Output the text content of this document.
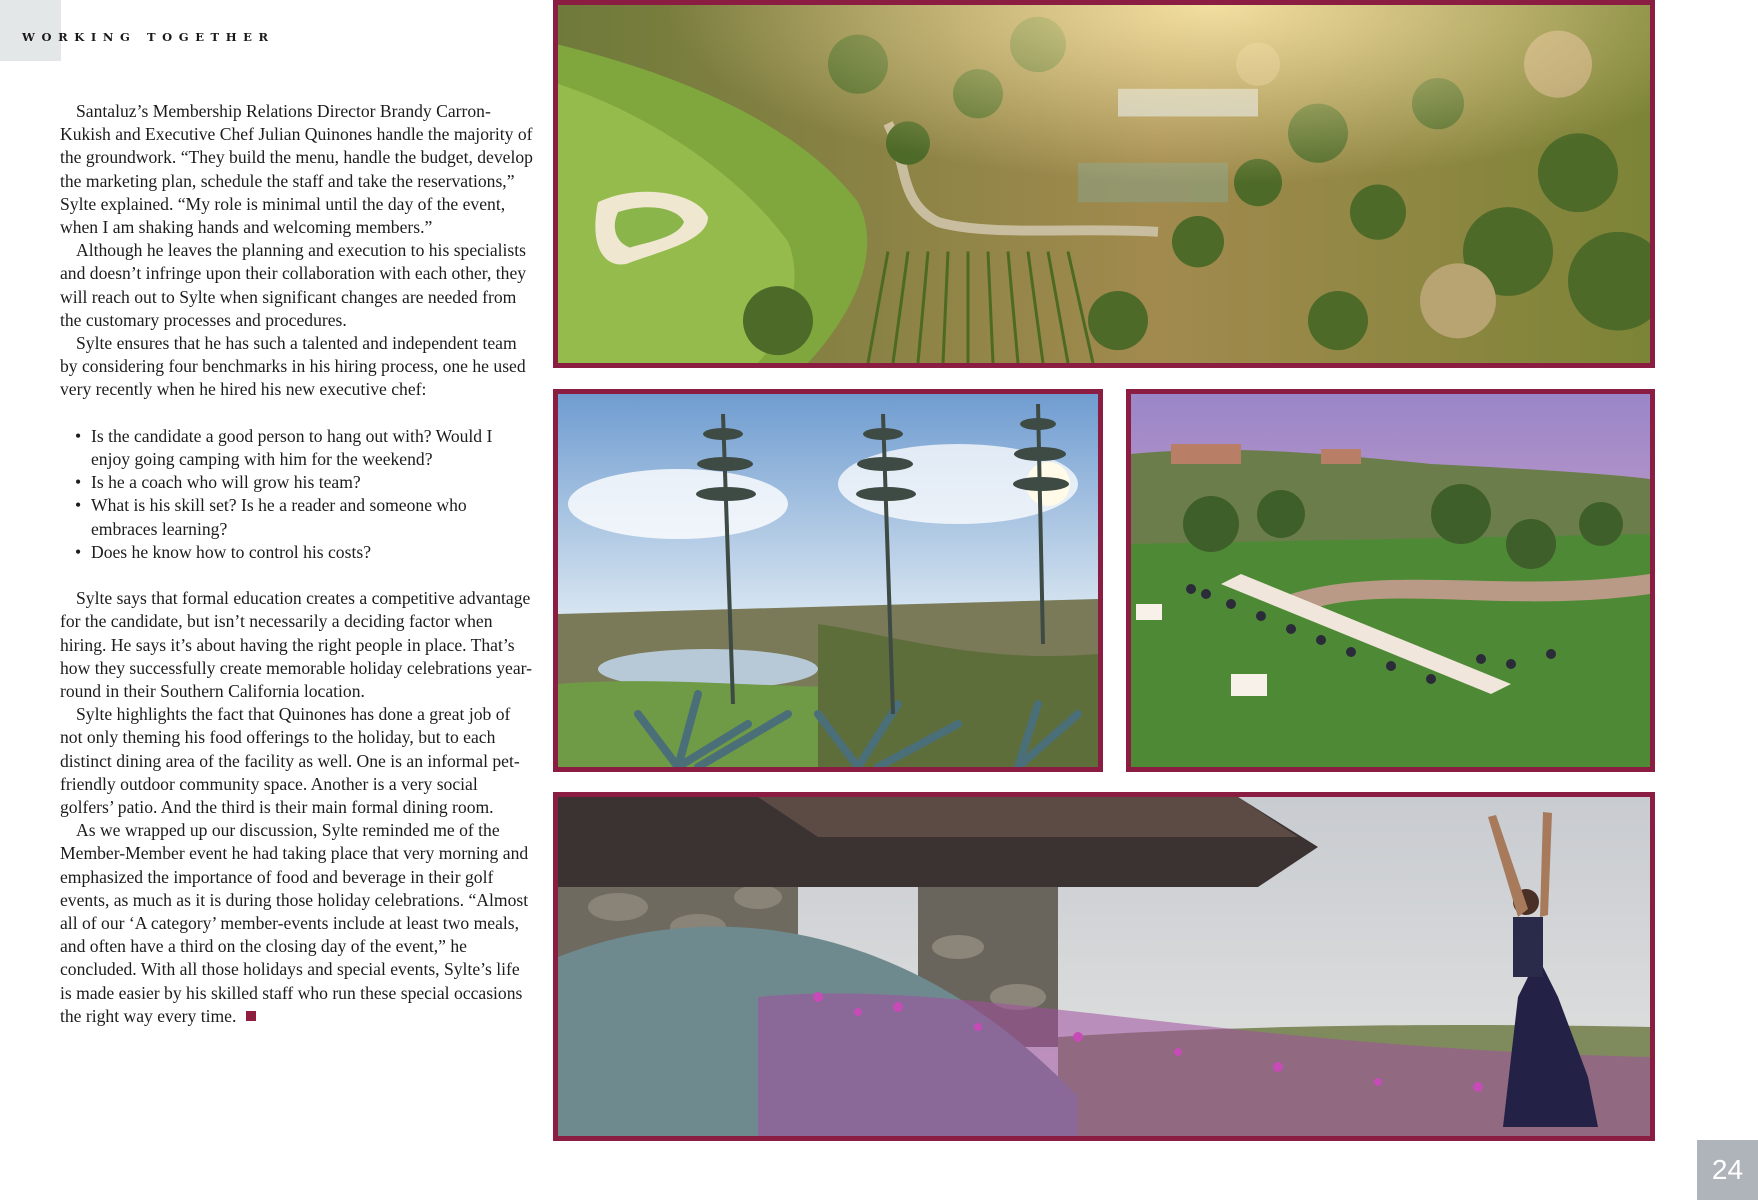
WORKING TOGETHER

Santaluz’s Membership Relations Director Brandy Carron-Kukish and Executive Chef Julian Quinones handle the majority of the groundwork. “They build the menu, handle the budget, develop the marketing plan, schedule the staff and take the reservations,” Sylte explained. “My role is minimal until the day of the event, when I am shaking hands and welcoming members.”

Although he leaves the planning and execution to his specialists and doesn’t infringe upon their collaboration with each other, they will reach out to Sylte when significant changes are needed from the customary processes and procedures.

Sylte ensures that he has such a talented and independent team by considering four benchmarks in his hiring process, one he used very recently when he hired his new executive chef:

• Is the candidate a good person to hang out with? Would I enjoy going camping with him for the weekend?
• Is he a coach who will grow his team?
• What is his skill set? Is he a reader and someone who embraces learning?
• Does he know how to control his costs?

Sylte says that formal education creates a competitive advantage for the candidate, but isn’t necessarily a deciding factor when hiring. He says it’s about having the right people in place. That’s how they successfully create memorable holiday celebrations year-round in their Southern California location.

Sylte highlights the fact that Quinones has done a great job of not only theming his food offerings to the holiday, but to each distinct dining area of the facility as well. One is an informal pet-friendly outdoor community space. Another is a very social golfers’ patio. And the third is their main formal dining room.

As we wrapped up our discussion, Sylte reminded me of the Member-Member event he had taking place that very morning and emphasized the importance of food and beverage in their golf events, as much as it is during those holiday celebrations. “Almost all of our ‘A category’ member-events include at least two meals, and often have a third on the closing day of the event,” he concluded. With all those holidays and special events, Sylte’s life is made easier by his skilled staff who run these special occasions the right way every time.

24
